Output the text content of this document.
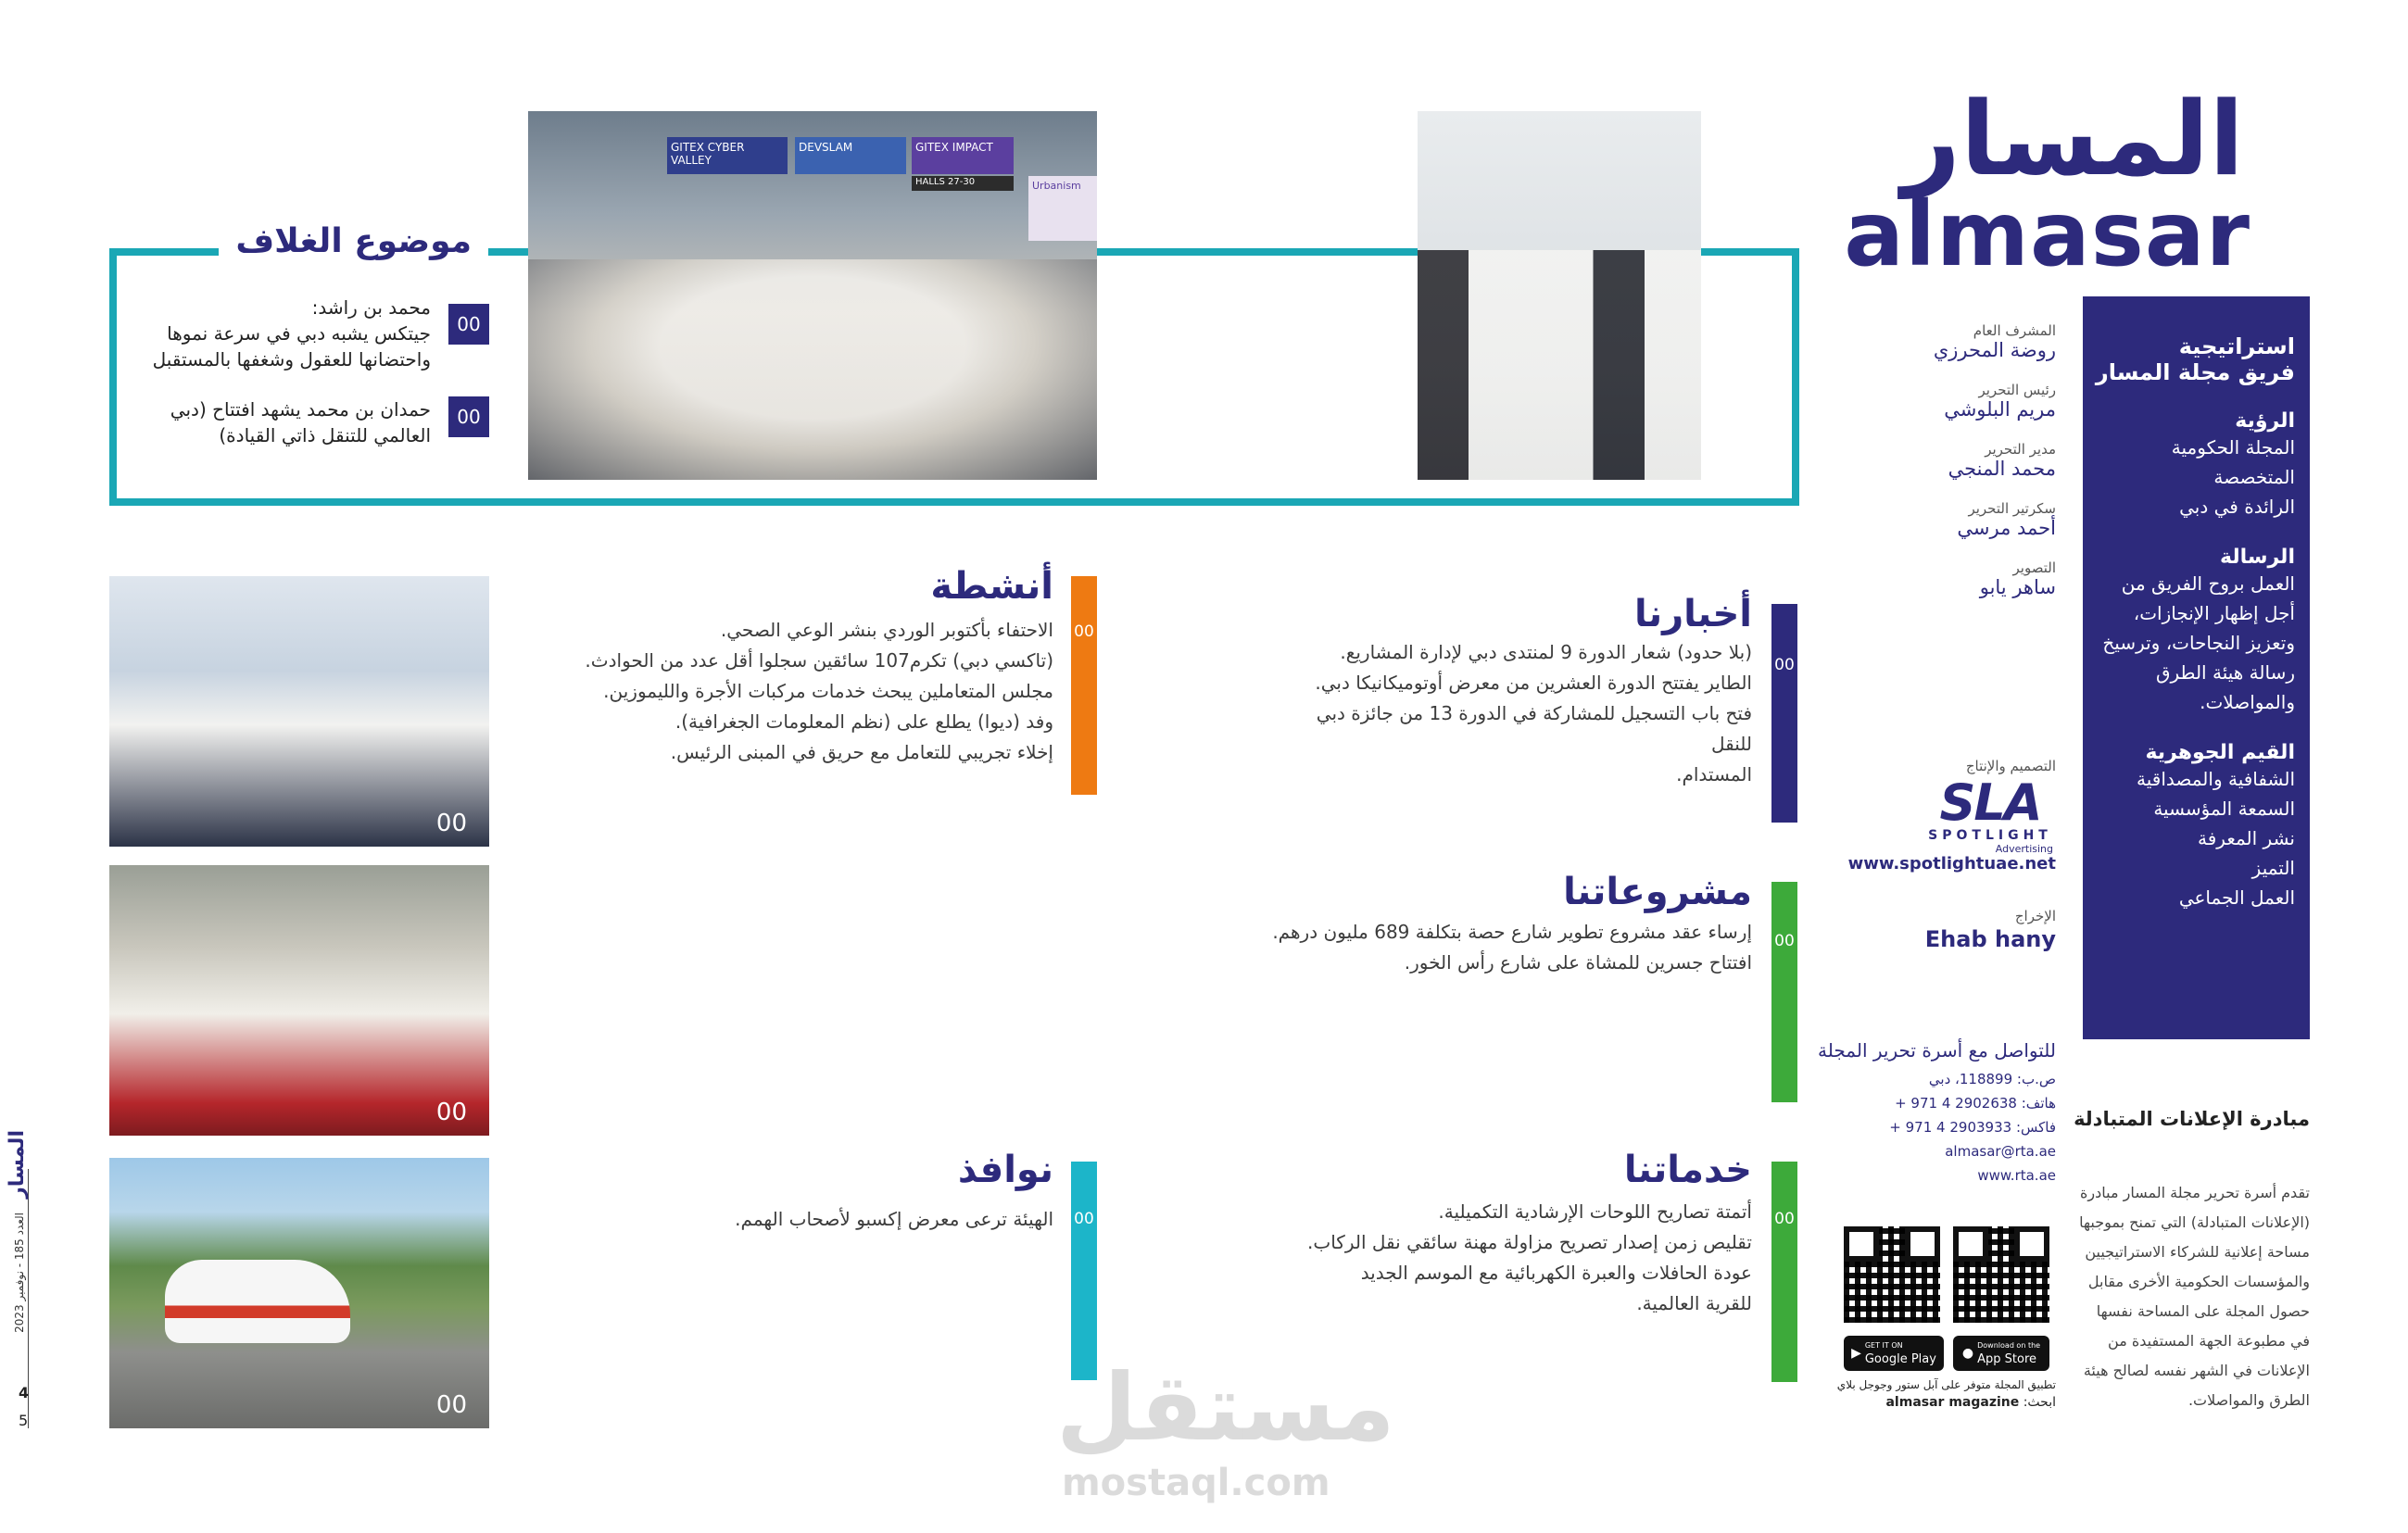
المسار
almasar
موضوع الغلاف
00
محمد بن راشد:
جيتكس يشبه دبي في سرعة نموها
واحتضانها للعقول وشغفها بالمستقبل
00
حمدان بن محمد يشهد افتتاح (دبي
العالمي للتنقل ذاتي القيادة)
GITEX CYBER VALLEY
DEVSLAM	GITEX IMPACT
HALLS 27-30	Urbanism
00
أخبارنا
(بلا حدود) شعار الدورة 9 لمنتدى دبي لإدارة المشاريع.
الطاير يفتتح الدورة العشرين من معرض أوتوميكانيكا دبي.
فتح باب التسجيل للمشاركة في الدورة 13 من جائزة دبي للنقل
المستدام.
00
مشروعاتنا
إرساء عقد مشروع تطوير شارع حصة بتكلفة 689 مليون درهم.
افتتاح جسرين للمشاة على شارع رأس الخور.
00
خدماتنا
أتمتة تصاريح اللوحات الإرشادية التكميلية.
تقليص زمن إصدار تصريح مزاولة مهنة سائقي نقل الركاب.
عودة الحافلات والعبرة الكهربائية مع الموسم الجديد
للقرية العالمية.
00
أنشطة
الاحتفاء بأكتوبر الوردي بنشر الوعي الصحي.
(تاكسي دبي) تكرم107 سائقين سجلوا أقل عدد من الحوادث.
مجلس المتعاملين يبحث خدمات مركبات الأجرة والليموزين.
وفد (ديوا) يطلع على (نظم المعلومات الجغرافية).
إخلاء تجريبي للتعامل مع حريق في المبنى الرئيس.
00
نوافذ
الهيئة ترعى معرض إكسبو لأصحاب الهمم.
00
00
00
المشرف العام
روضة المحرزي
رئيس التحرير
مريم البلوشي
مدير التحرير
محمد المنجي
سكرتير التحرير
أحمد مرسي
التصوير
ساهر يابو
التصميم والإنتاج
SLA
SPOTLIGHT
Advertising
www.spotlightuae.net
الإخراج
Ehab hany
للتواصل مع أسرة تحرير المجلة
ص.ب: 118899، دبي
هاتف: 2902638 4 971 +
فاكس: 2903933 4 971 +
almasar@rta.ae
www.rta.ae
▶
GET IT ON
Google Play ●
Download on the
App Store
تطبيق المجلة متوفر على آبل ستور وجوجل بلاي
ابحث: almasar magazine
استراتيجية
فريق مجلة المسار
الرؤية

المجلة الحكومية

المتخصصة

الرائدة في دبي

الرسالة

العمل بروح الفريق من

أجل إظهار الإنجازات،

وتعزيز النجاحات، وترسيخ

رسالة هيئة الطرق

والمواصلات.

القيم الجوهرية

الشفافية والمصداقية

السمعة المؤسسية

نشر المعرفة

التميز

العمل الجماعي

مبادرة الإعلانات المتبادلة
تقدم أسرة تحرير مجلة المسار مبادرة
(الإعلانات المتبادلة) التي تمنح بموجبها
مساحة إعلانية للشركاء الاستراتيجيين
والمؤسسات الحكومية الأخرى مقابل
حصول المجلة على المساحة نفسها
في مطبوعة الجهة المستفيدة من
الإعلانات في الشهر نفسه لصالح هيئة
الطرق والمواصلات.
المسار العدد 185 - نوفمبر 2023
4
5	مستقل
mostaql.com
